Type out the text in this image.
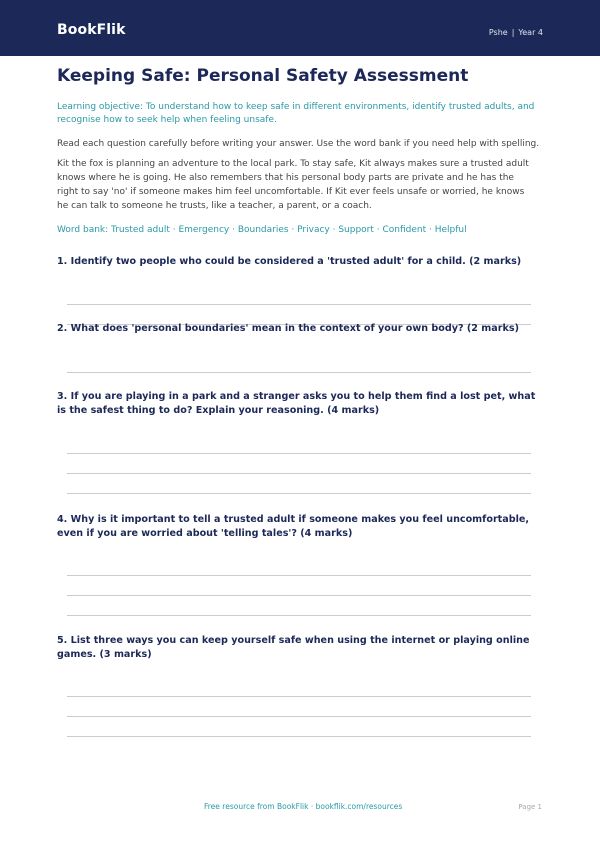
BookFlik	Pshe | Year 4
Keeping Safe: Personal Safety Assessment
Learning objective: To understand how to keep safe in different environments, identify trusted adults, and recognise how to seek help when feeling unsafe.
Read each question carefully before writing your answer. Use the word bank if you need help with spelling.
Kit the fox is planning an adventure to the local park. To stay safe, Kit always makes sure a trusted adult knows where he is going. He also remembers that his personal body parts are private and he has the right to say 'no' if someone makes him feel uncomfortable. If Kit ever feels unsafe or worried, he knows he can talk to someone he trusts, like a teacher, a parent, or a coach.
Word bank: Trusted adult · Emergency · Boundaries · Privacy · Support · Confident · Helpful

1. Identify two people who could be considered a 'trusted adult' for a child. (2 marks)

2. What does 'personal boundaries' mean in the context of your own body? (2 marks)

3. If you are playing in a park and a stranger asks you to help them find a lost pet, what is the safest thing to do? Explain your reasoning. (4 marks)

4. Why is it important to tell a trusted adult if someone makes you feel uncomfortable, even if you are worried about 'telling tales'? (4 marks)

5. List three ways you can keep yourself safe when using the internet or playing online games. (3 marks)

Free resource from BookFlik · bookflik.com/resources	Page 1
